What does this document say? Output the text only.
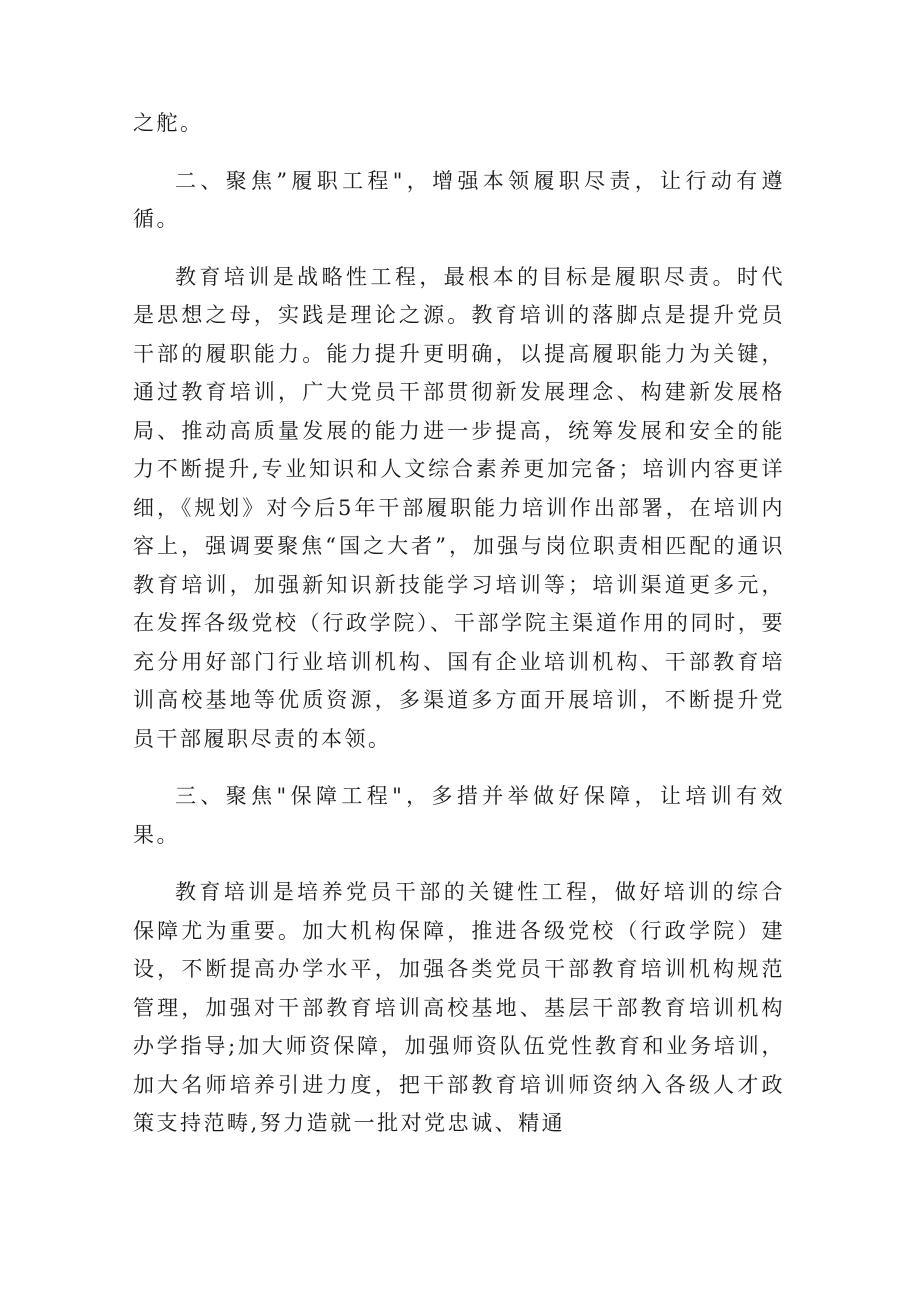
之舵。

二、聚焦”履职工程"，增强本领履职尽责，让行动有遵循。

教育培训是战略性工程，最根本的目标是履职尽责。时代是思想之母，实践是理论之源。教育培训的落脚点是提升党员干部的履职能力。能力提升更明确，以提高履职能力为关键，通过教育培训，广大党员干部贯彻新发展理念、构建新发展格局、推动高质量发展的能力进一步提高，统筹发展和安全的能力不断提升,专业知识和人文综合素养更加完备；培训内容更详细，《规划》对今后5年干部履职能力培训作出部署，在培训内容上，强调要聚焦“国之大者”，加强与岗位职责相匹配的通识教育培训，加强新知识新技能学习培训等；培训渠道更多元，在发挥各级党校（行政学院）、干部学院主渠道作用的同时，要充分用好部门行业培训机构、国有企业培训机构、干部教育培训高校基地等优质资源，多渠道多方面开展培训，不断提升党员干部履职尽责的本领。

三、聚焦"保障工程"，多措并举做好保障，让培训有效果。

教育培训是培养党员干部的关键性工程，做好培训的综合保障尤为重要。加大机构保障，推进各级党校（行政学院）建设，不断提高办学水平，加强各类党员干部教育培训机构规范管理，加强对干部教育培训高校基地、基层干部教育培训机构办学指导;加大师资保障，加强师资队伍党性教育和业务培训，加大名师培养引进力度，把干部教育培训师资纳入各级人才政策支持范畴,努力造就一批对党忠诚、精通
